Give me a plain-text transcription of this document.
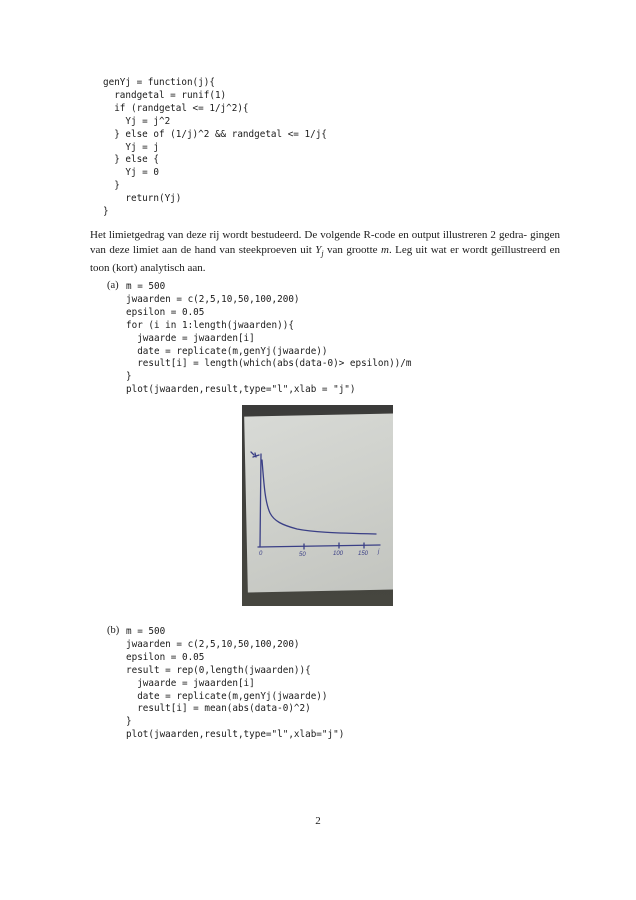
genYj = function(j){
randgetal = runif(1)
if (randgetal <= 1/j^2){
Yj = j^2
} else of (1/j)^2 && randgetal <= 1/j{
Yj = j
} else {
Yj = 0
}
return(Yj)
}
Het limietgedrag van deze rij wordt bestudeerd. De volgende R-code en output illustreren 2 gedra- gingen van deze limiet aan de hand van steekproeven uit $Y_j$ van grootte m. Leg uit wat er wordt geïllustreerd en toon (kort) analytisch aan.
(a) m = 500
jwaarden = c(2,5,10,50,100,200)
epsilon = 0.05
for (i in 1:length(jwaarden)){
jwaarde = jwaarden[i]
date = replicate(m,genYj(jwaarde))
result[i] = length(which(abs(data-0)> epsilon))/m
}
plot(jwaarden,result,type="l",xlab = "j")
0	50	100 150 j
(b) m = 500
jwaarden = c(2,5,10,50,100,200)
epsilon = 0.05
result = rep(0,length(jwaarden)){
jwaarde = jwaarden[i]
date = replicate(m,genYj(jwaarde))
result[i] = mean(abs(data-0)^2)
}
plot(jwaarden,result,type="l",xlab="j")
2
